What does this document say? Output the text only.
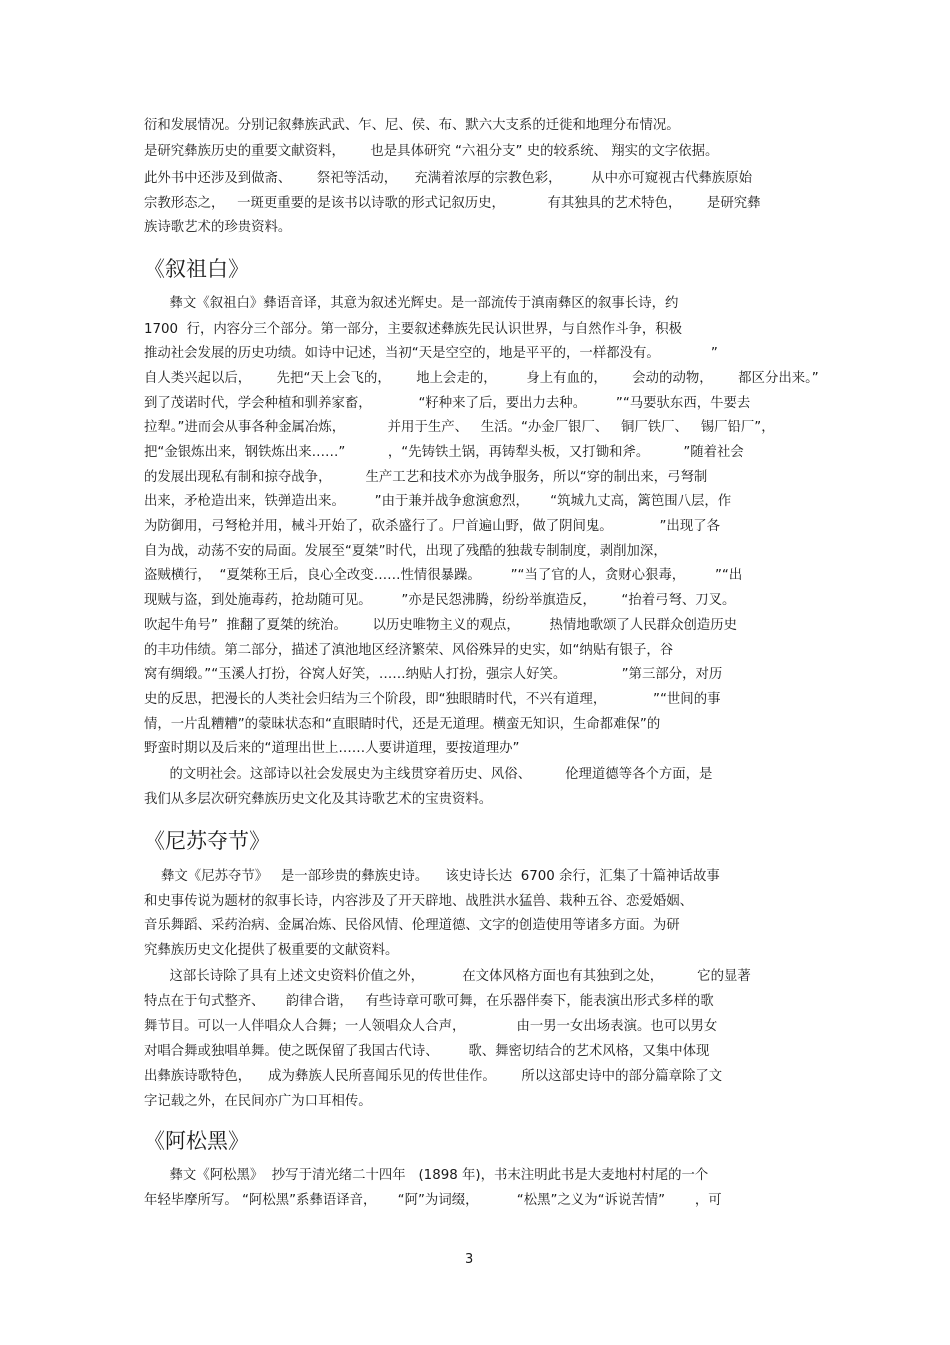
衍和发展情况。分别记叙彝族武武、乍、尼、侯、布、默六大支系的迁徙和地理分布情况。
是研究彝族历史的重要文献资料，      也是具体研究 “六祖分支” 史的较系统、 翔实的文字依据。
此外书中还涉及到做斋、      祭祀等活动，    充满着浓厚的宗教色彩，       从中亦可窥视古代彝族原始
宗教形态之，   一斑更重要的是该书以诗歌的形式记叙历史，          有其独具的艺术特色，      是研究彝
族诗歌艺术的珍贵资料。
《叙祖白》
彝文《叙祖白》彝语音译，其意为叙述光辉史。是一部流传于滇南彝区的叙事长诗，约
1700  行，内容分三个部分。第一部分，主要叙述彝族先民认识世界，与自然作斗争，积极
推动社会发展的历史功绩。如诗中记述，当初“天是空空的，地是平平的，一样都没有。            ”
自人类兴起以后，      先把“天上会飞的，      地上会走的，       身上有血的，      会动的动物，      都区分出来。”
到了茂诺时代，学会种植和驯养家畜，           “籽种来了后，要出力去种。       ”“马要驮东西，牛要去
拉犁。”进而会从事各种金属冶炼，          并用于生产、   生活。“办金厂银厂、   铜厂铁厂、   锡厂铅厂”，
把“金银炼出来，钢铁炼出来……”          ，“先铸铁土锅，再铸犁头板，又打锄和斧。        ”随着社会
的发展出现私有制和掠夺战争，        生产工艺和技术亦为战争服务，所以“穿的制出来，弓弩制
出来，矛枪造出来，铁弹造出来。       ”由于兼并战争愈演愈烈，     “筑城九丈高，篱笆围八层，作
为防御用，弓弩枪并用，械斗开始了，砍杀盛行了。尸首遍山野，做了阴间鬼。           ”出现了各
自为战，动荡不安的局面。发展至“夏桀”时代，出现了残酷的独裁专制制度，剥削加深，
盗贼横行，  “夏桀称王后，良心全改变……性情很暴躁。       ”“当了官的人，贪财心狠毒，       ”“出
现贼与盗，到处施毒药，抢劫随可见。       ”亦是民怨沸腾，纷纷举旗造反，      “抬着弓弩、刀叉。
吹起牛角号”  推翻了夏桀的统治。      以历史唯物主义的观点，       热情地歌颂了人民群众创造历史
的丰功伟绩。第二部分，描述了滇池地区经济繁荣、风俗殊异的史实，如“纳贴有银子，谷
窝有绸缎。”“玉溪人打扮，谷窝人好笑，……纳贴人打扮，强宗人好笑。             ”第三部分，对历
史的反思，把漫长的人类社会归结为三个阶段，即“独眼睛时代，不兴有道理，           ”“世间的事
情，一片乱糟糟”的蒙昧状态和“直眼睛时代，还是无道理。横蛮无知识，生命都难保”的
野蛮时期以及后来的“道理出世上……人要讲道理，要按道理办”
的文明社会。这部诗以社会发展史为主线贯穿着历史、风俗、        伦理道德等各个方面，是
我们从多层次研究彝族历史文化及其诗歌艺术的宝贵资料。
《尼苏夺节》
彝文《尼苏夺节》   是一部珍贵的彝族史诗。    该史诗长达  6700 余行，汇集了十篇神话故事
和史事传说为题材的叙事长诗，内容涉及了开天辟地、战胜洪水猛兽、栽种五谷、恋爱婚姻、
音乐舞蹈、采药治病、金属冶炼、民俗风情、伦理道德、文字的创造使用等诸多方面。为研
究彝族历史文化提供了极重要的文献资料。
这部长诗除了具有上述文史资料价值之外，         在文体风格方面也有其独到之处，        它的显著
特点在于句式整齐、     韵律合谐，   有些诗章可歌可舞，在乐器伴奏下，能表演出形式多样的歌
舞节目。可以一人伴唱众人合舞；一人领唱众人合声，            由一男一女出场表演。也可以男女
对唱合舞或独唱单舞。使之既保留了我国古代诗、       歌、舞密切结合的艺术风格，又集中体现
出彝族诗歌特色，    成为彝族人民所喜闻乐见的传世佳作。      所以这部史诗中的部分篇章除了文
字记载之外，在民间亦广为口耳相传。
《阿松黑》
彝文《阿松黑》  抄写于清光绪二十四年   (1898 年)，书末注明此书是大麦地村村尾的一个
年轻毕摩所写。 “阿松黑”系彝语译音，     “阿”为词缀，         “松黑”之义为“诉说苦情”       ，可
3
